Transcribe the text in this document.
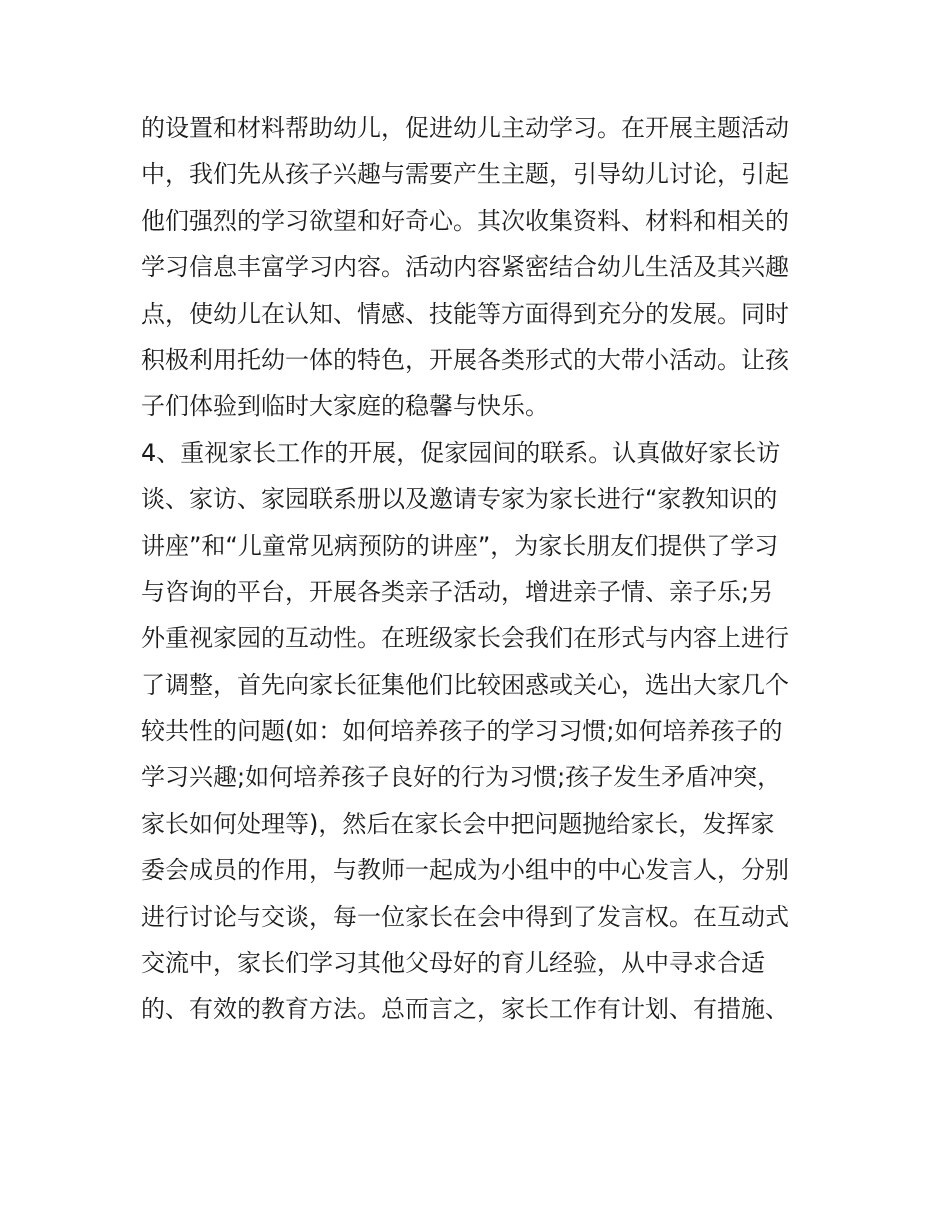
的设置和材料帮助幼儿，促进幼儿主动学习。在开展主题活动
中，我们先从孩子兴趣与需要产生主题，引导幼儿讨论，引起
他们强烈的学习欲望和好奇心。其次收集资料、材料和相关的
学习信息丰富学习内容。活动内容紧密结合幼儿生活及其兴趣
点，使幼儿在认知、情感、技能等方面得到充分的发展。同时
积极利用托幼一体的特色，开展各类形式的大带小活动。让孩
子们体验到临时大家庭的稳馨与快乐。
4、重视家长工作的开展，促家园间的联系。认真做好家长访
谈、家访、家园联系册以及邀请专家为家长进行“家教知识的
讲座”和“儿童常见病预防的讲座”，为家长朋友们提供了学习
与咨询的平台，开展各类亲子活动，增进亲子情、亲子乐;另
外重视家园的互动性。在班级家长会我们在形式与内容上进行
了调整，首先向家长征集他们比较困惑或关心，选出大家几个
较共性的问题(如：如何培养孩子的学习习惯;如何培养孩子的
学习兴趣;如何培养孩子良好的行为习惯;孩子发生矛盾冲突，
家长如何处理等)，然后在家长会中把问题抛给家长，发挥家
委会成员的作用，与教师一起成为小组中的中心发言人，分别
进行讨论与交谈，每一位家长在会中得到了发言权。在互动式
交流中，家长们学习其他父母好的育儿经验，从中寻求合适
的、有效的教育方法。总而言之，家长工作有计划、有措施、
